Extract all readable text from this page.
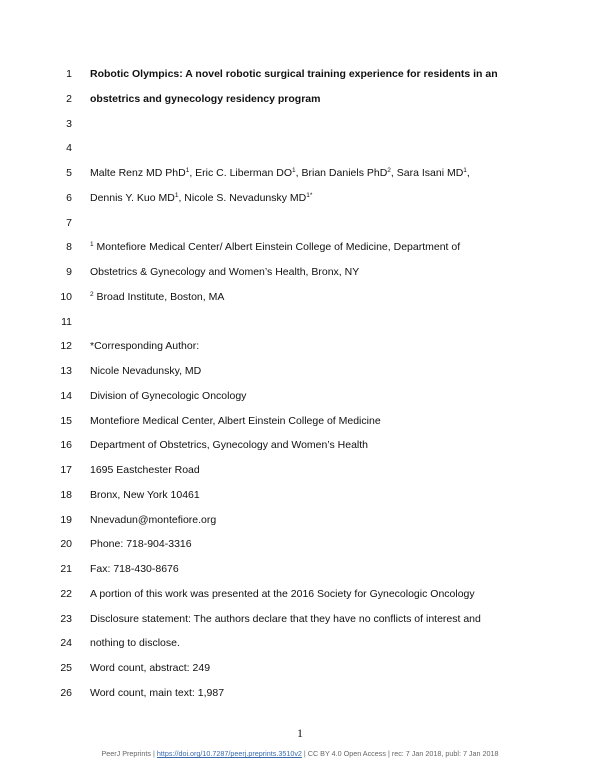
1 Robotic Olympics: A novel robotic surgical training experience for residents in an
2 obstetrics and gynecology residency program
3
4
5 Malte Renz MD PhD$^1$, Eric C. Liberman $DO^1$, Brian Daniels PhD$^2$, Sara Isani $MD^1$,
6 Dennis Y. Kuo $MD^1$, Nicole S. Nevadunsky $MD^{1*}$
7
8	$^1$ Montefiore Medical Center/ Albert Einstein College of Medicine, Department of
9 Obstetrics & Gynecology and Women’s Health, Bronx, NY
10	$^2$ Broad Institute, Boston, MA
11
12 *Corresponding Author:
13 Nicole Nevadunsky, MD
14 Division of Gynecologic Oncology
15 Montefiore Medical Center, Albert Einstein College of Medicine
16 Department of Obstetrics, Gynecology and Women’s Health
17 1695 Eastchester Road
18 Bronx, New York 10461
19 Nnevadun@montefiore.org
20 Phone: 718-904-3316
21 Fax: 718-430-8676
22 A portion of this work was presented at the 2016 Society for Gynecologic Oncology
23 Disclosure statement: The authors declare that they have no conflicts of interest and
24 nothing to disclose.
25 Word count, abstract: 249
26 Word count, main text: 1,987
1
PeerJ Preprints | https://doi.org/10.7287/peerj.preprints.3510v2 | CC BY 4.0 Open Access | rec: 7 Jan 2018, publ: 7 Jan 2018
